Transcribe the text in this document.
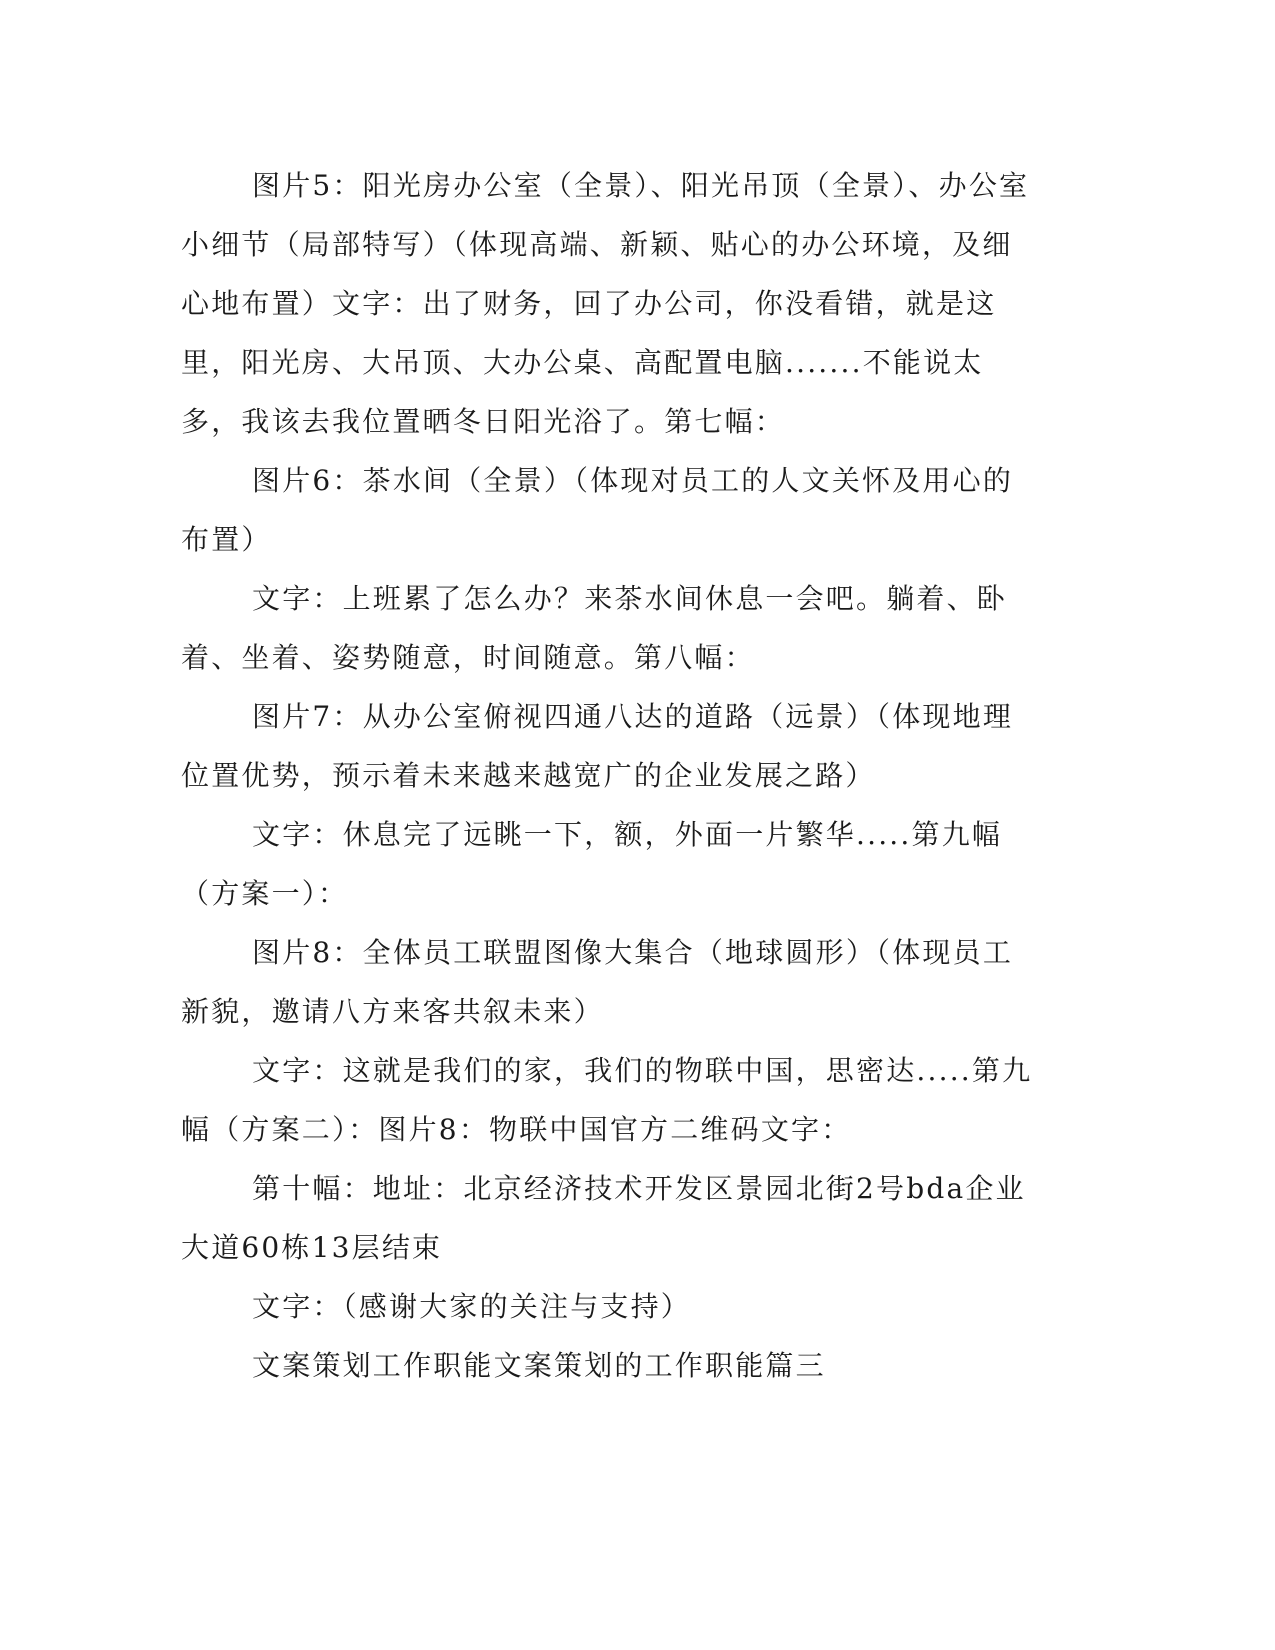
图片5：阳光房办公室（全景）、阳光吊顶（全景）、办公室小细节（局部特写）（体现高端、新颖、贴心的办公环境，及细心地布置）文字：出了财务，回了办公司，你没看错，就是这里，阳光房、大吊顶、大办公桌、高配置电脑.......不能说太多，我该去我位置晒冬日阳光浴了。第七幅：

图片6：茶水间（全景）（体现对员工的人文关怀及用心的布置）

文字：上班累了怎么办？来茶水间休息一会吧。躺着、卧着、坐着、姿势随意，时间随意。第八幅：

图片7：从办公室俯视四通八达的道路（远景）（体现地理位置优势，预示着未来越来越宽广的企业发展之路）

文字：休息完了远眺一下，额，外面一片繁华.....第九幅（方案一）：

图片8：全体员工联盟图像大集合（地球圆形）（体现员工新貌，邀请八方来客共叙未来）

文字：这就是我们的家，我们的物联中国，思密达.....第九幅（方案二）：图片8：物联中国官方二维码文字：

第十幅：地址：北京经济技术开发区景园北街2号bda企业大道60栋13层结束

文字：（感谢大家的关注与支持）

文案策划工作职能文案策划的工作职能篇三
